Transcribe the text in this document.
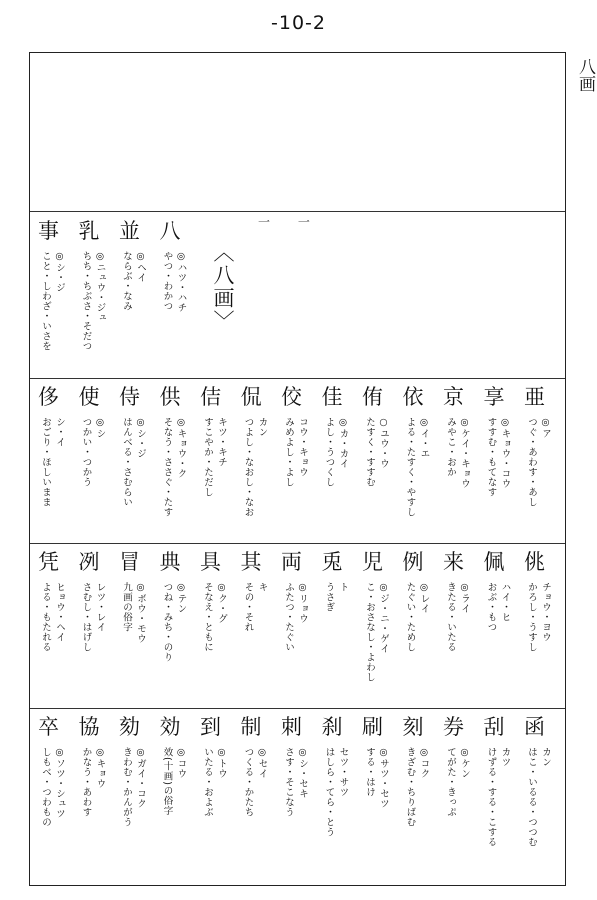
-10-2
八画
一 一
〈八画〉
事
◎シ・ジ
こと・しわざ・いさを
乳
◎ニュウ・ジュ
ちち・ちぶさ・そだつ
並
◎ヘイ
ならぶ・なみ
八
◎ハツ・ハチ
やつ・わかつ
侈
シ・イ
おごり・ほしいまま
使
◎シ
つかい・つかう
侍
◎シ・ジ
はんべる・さむらい
供
◎キョウ・ク
そなう・ささぐ・たす
佶
キツ・キチ
すこやか・ただし
侃
カン
つよし・なおし・なお
佼
コウ・キョウ
みめよし・よし
佳
◎カ・カイ
よし・うつくし
侑
○ユウ・ウ
たすく・すすむ
依
◎イ・エ
よる・たすく・やすし
京
◎ケイ・キョウ
みやこ・おか
享
◎キョウ・コウ
すすむ・もてなす
亜
◎ア
つぐ・あわす・あし
凭
ヒョウ・ヘイ
よる・もたれる
冽
レツ・レイ
さむし・はげし
冒
◎ボウ・モウ
九画の俗字
典
◎テン
つね・みち・のり
具
◎ク・グ
そなえ・ともに
其
キ
その・それ
両
◎リョウ
ふたつ・たぐい
兎
ト
うさぎ
児
◎ジ・ニ・ゲイ
こ・おさなし・よわし
例
◎レイ
たぐい・ためし
来
◎ライ
きたる・いたる
佩
ハイ・ヒ
おぶ・もつ
佻
チョウ・ヨウ
かろし・うすし
卒
◎ソツ・シュツ
しもべ・つわもの
協
◎キョウ
かなう・あわす
劾
◎ガイ・コク
きわむ・かんがう
効
◎コウ
效(十画)の俗字
到
◎トウ
いたる・およぶ
制
◎セイ
つくる・かたち
刺
◎シ・セキ
さす・そこなう
刹
セツ・サツ
はしら・てら・とう
刷
◎サツ・セツ
する・はけ
刻
◎コク
きざむ・ちりばむ
券
◎ケン
てがた・きっぷ
刮
カツ
けずる・する・こする
函
カン
はこ・いるる・つつむ
